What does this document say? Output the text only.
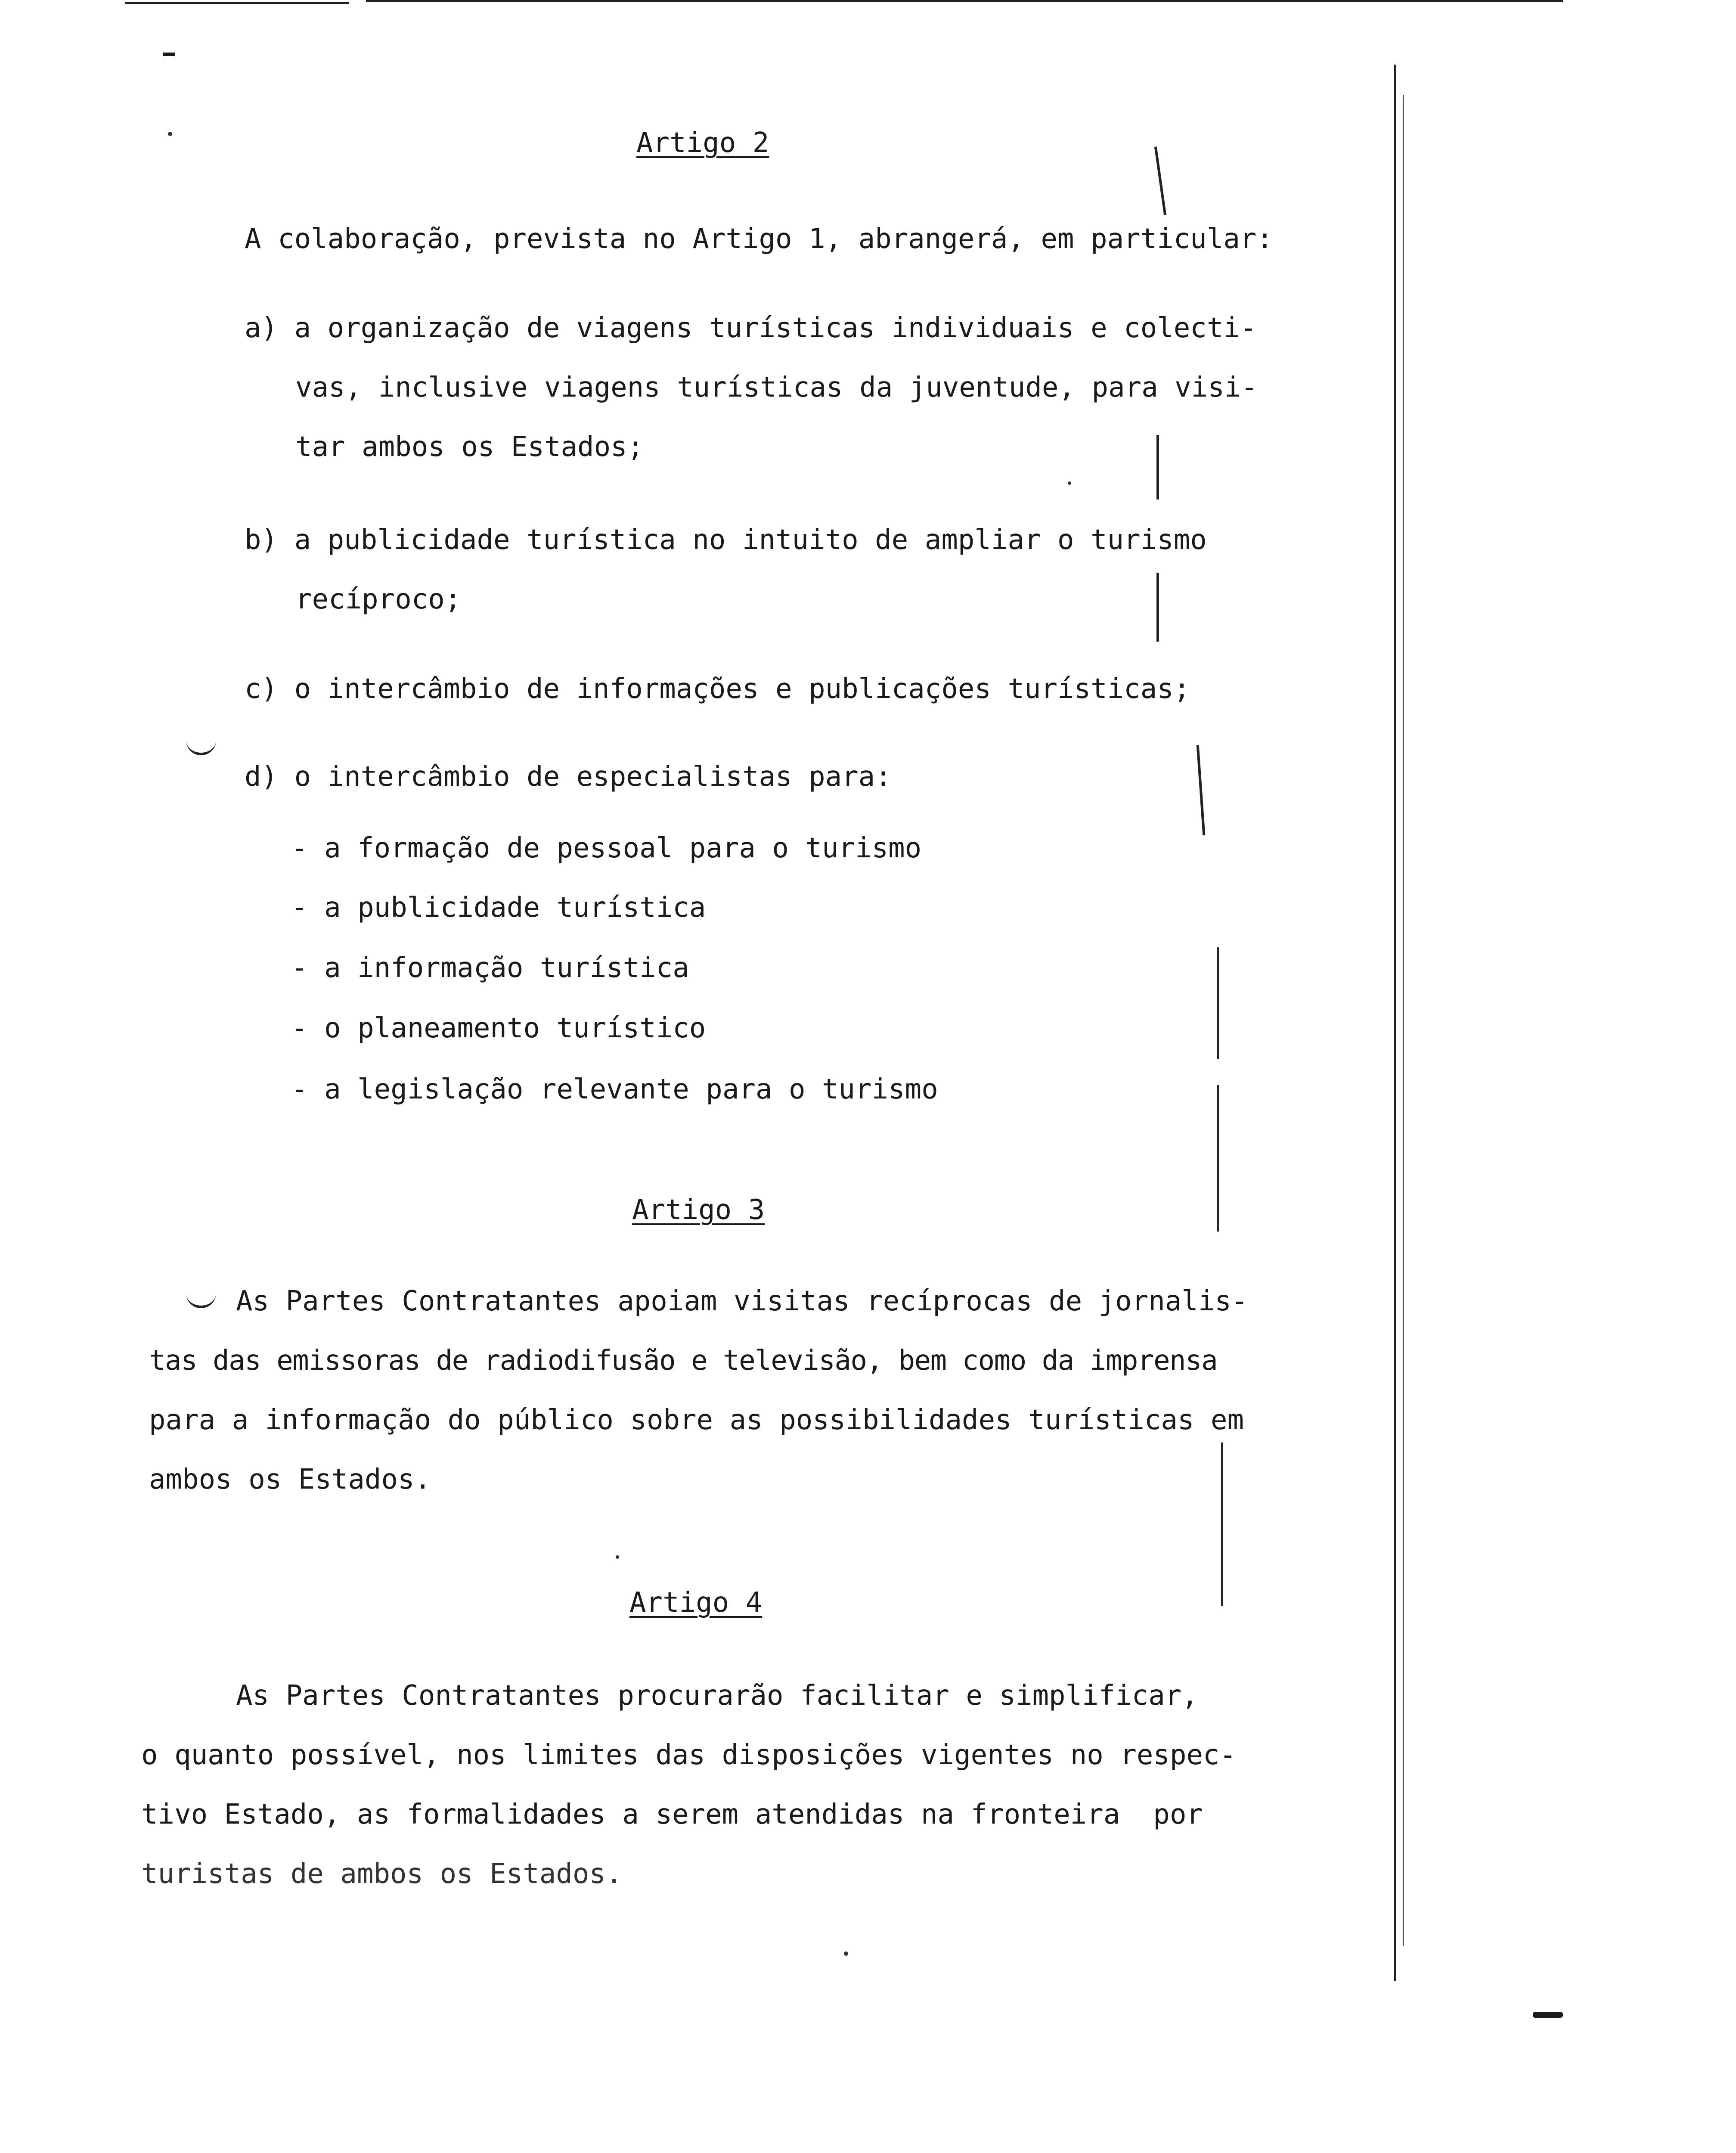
Artigo 2
A colaboração, prevista no Artigo 1, abrangerá, em particular:
a) a organização de viagens turísticas individuais e colecti-
vas, inclusive viagens turísticas da juventude, para visi-
tar ambos os Estados;
b) a publicidade turística no intuito de ampliar o turismo
recíproco;
c) o intercâmbio de informações e publicações turísticas;
d) o intercâmbio de especialistas para:
- a formação de pessoal para o turismo
- a publicidade turística
- a informação turística
- o planeamento turístico
- a legislação relevante para o turismo
Artigo 3
As Partes Contratantes apoiam visitas recíprocas de jornalis-
tas das emissoras de radiodifusão e televisão, bem como da imprensa
para a informação do público sobre as possibilidades turísticas em
ambos os Estados.
Artigo 4
As Partes Contratantes procurarão facilitar e simplificar,
o quanto possível, nos limites das disposições vigentes no respec-
tivo Estado, as formalidades a serem atendidas na fronteira  por
turistas de ambos os Estados.
